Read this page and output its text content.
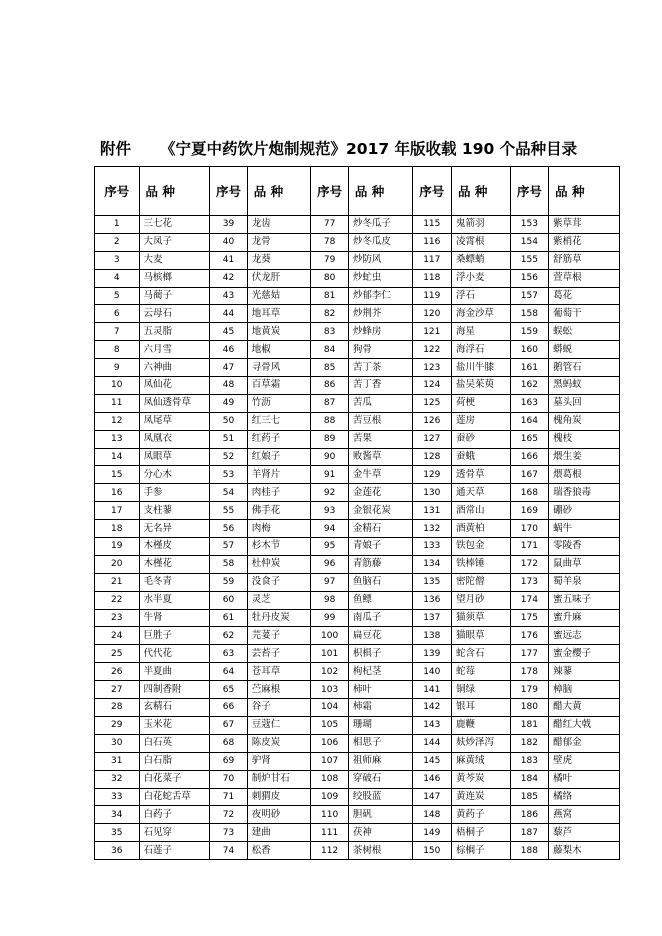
附件 《宁夏中药饮片炮制规范》2017 年版收载 190 个品种目录
序号	品 种	序号	品 种	序号	品 种	序号	品 种	序号	品 种
1	三七花	39	龙齿	77	炒冬瓜子	115	鬼箭羽	153	紫草茸
2	大凤子	40	龙骨	78	炒冬瓜皮	116	凌霄根	154	紫梢花
3	大麦	41	龙葵	79	炒防风	117	桑螵蛸	155	舒筋草
4	马槟榔	42	伏龙肝	80	炒虻虫	118	浮小麦	156	萱草根
5	马蔺子	43	光慈姑	81	炒郁李仁	119	浮石	157	葛花
6	云母石	44	地耳草	82	炒荆芥	120	海金沙草	158	葡萄干
7	五灵脂	45	地黄炭	83	炒蜂房	121	海星	159	蜈蚣
8	六月雪	46	地椒	84	狗骨	122	海浮石	160	蟒蜕
9	六神曲	47	寻骨风	85	苦丁茶	123	盐川牛膝	161	鹅管石
10	凤仙花	48	百草霜	86	苦丁香	124	盐吴茱萸	162	黑蚂蚁
11	凤仙透骨草	49	竹沥	87	苦瓜	125	荷梗	163	墓头回
12	凤尾草	50	红三七	88	苦豆根	126	莲房	164	槐角炭
13	凤凰衣	51	红药子	89	苦果	127	蚕砂	165	槐枝
14	凤眼草	52	红娘子	90	败酱草	128	蚕蛾	166	煨生姜
15	分心木	53	羊肾片	91	金牛草	129	透骨草	167	煨葛根
16	手参	54	肉桂子	92	金莲花	130	通天草	168	瑞香狼毒
17	支柱蓼	55	佛手花	93	金银花炭	131	酒常山	169	硼砂
18	无名异	56	肉梅	94	金精石	132	酒黄柏	170	蜗牛
19	木槿皮	57	杉木节	95	青娘子	133	铁包金	171	零陵香
20	木槿花	58	杜仲炭	96	青筋藤	134	铁棒锤	172	鼠曲草
21	毛冬青	59	没食子	97	鱼脑石	135	密陀僧	173	蜀羊泉
22	水半夏	60	灵芝	98	鱼鳔	136	望月砂	174	蜜五味子
23	牛肾	61	牡丹皮炭	99	南瓜子	137	猫须草	175	蜜升麻
24	巨胜子	62	芫荽子	100	扁豆花	138	猫眼草	176	蜜远志
25	代代花	63	芸苔子	101	枳椇子	139	蛇含石	177	蜜金樱子
26	半夏曲	64	苍耳草	102	枸杞茎	140	蛇莓	178	辣蓼
27	四制香附	65	苎麻根	103	柿叶	141	铜绿	179	樟脑
28	玄精石	66	谷子	104	柿霜	142	银耳	180	醋大黄
29	玉米花	67	豆蔻仁	105	珊瑚	143	鹿鞭	181	醋红大戟
30	白石英	68	陈皮炭	106	相思子	144	麸炒泽泻	182	醋郁金
31	白石脂	69	驴肾	107	祖师麻	145	麻黄绒	183	壁虎
32	白花菜子	70	制炉甘石	108	穿破石	146	黄芩炭	184	橘叶
33	白花蛇舌草	71	刺猬皮	109	绞股蓝	147	黄连炭	185	橘络
34	白药子	72	夜明砂	110	胆矾	148	黄药子	186	燕窝
35	石见穿	73	建曲	111	茯神	149	梧桐子	187	藜芦
36	石莲子	74	松香	112	茶树根	150	棕榈子	188	藤梨木
